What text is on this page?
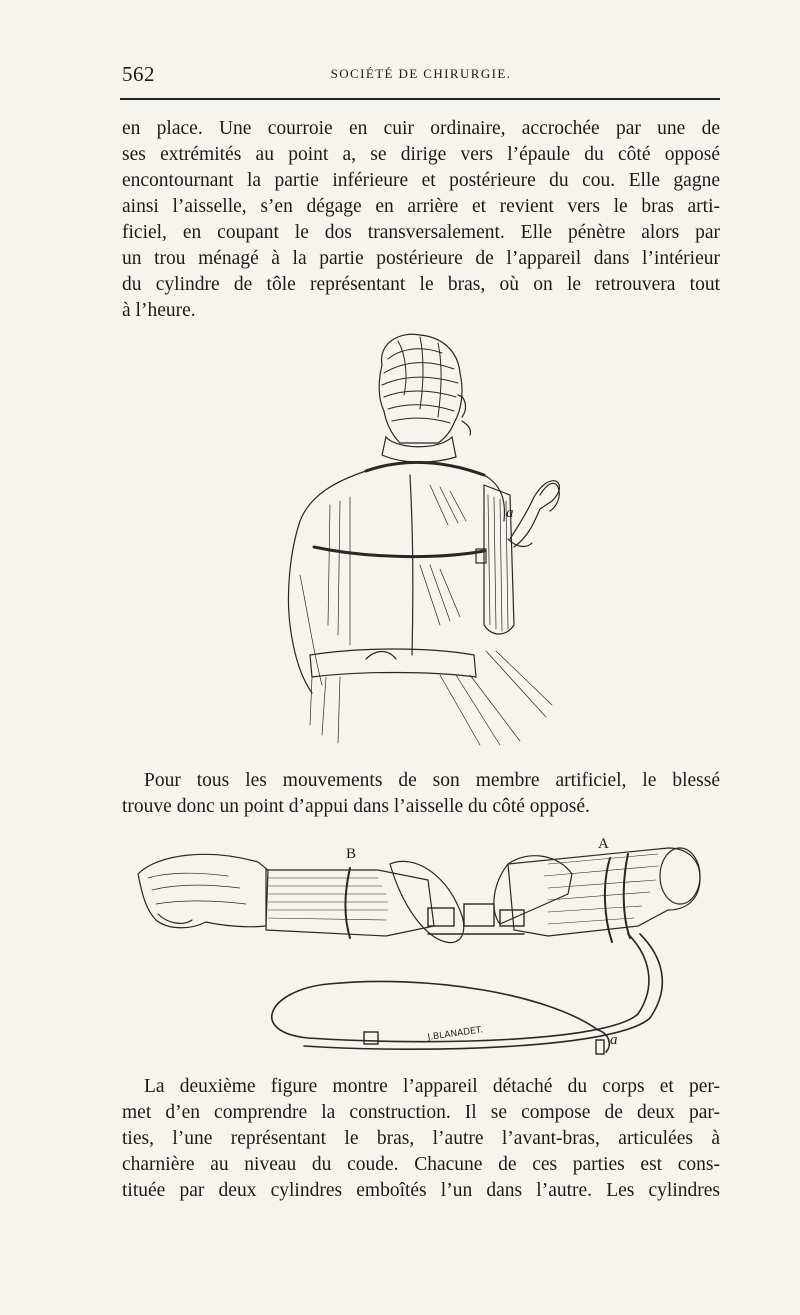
562	SOCIÉTÉ DE CHIRURGIE.

en place. Une courroie en cuir ordinaire, accrochée par une de
ses extrémités au point a, se dirige vers l’épaule du côté opposé
encontournant la partie inférieure et postérieure du cou. Elle gagne
ainsi l’aisselle, s’en dégage en arrière et revient vers le bras arti-
ficiel, en coupant le dos transversalement. Elle pénètre alors par
un trou ménagé à la partie postérieure de l’appareil dans l’intérieur
du cylindre de tôle représentant le bras, où on le retrouvera tout
à l’heure.

a

Pour tous les mouvements de son membre artificiel, le blessé
trouve donc un point d’appui dans l’aisselle du côté opposé.

B
A
a
J.BLANADET.

La deuxième figure montre l’appareil détaché du corps et per-
met d’en comprendre la construction. Il se compose de deux par-
ties, l’une représentant le bras, l’autre l’avant-bras, articulées à
charnière au niveau du coude. Chacune de ces parties est cons-
tituée par deux cylindres emboîtés l’un dans l’autre. Les cylindres
